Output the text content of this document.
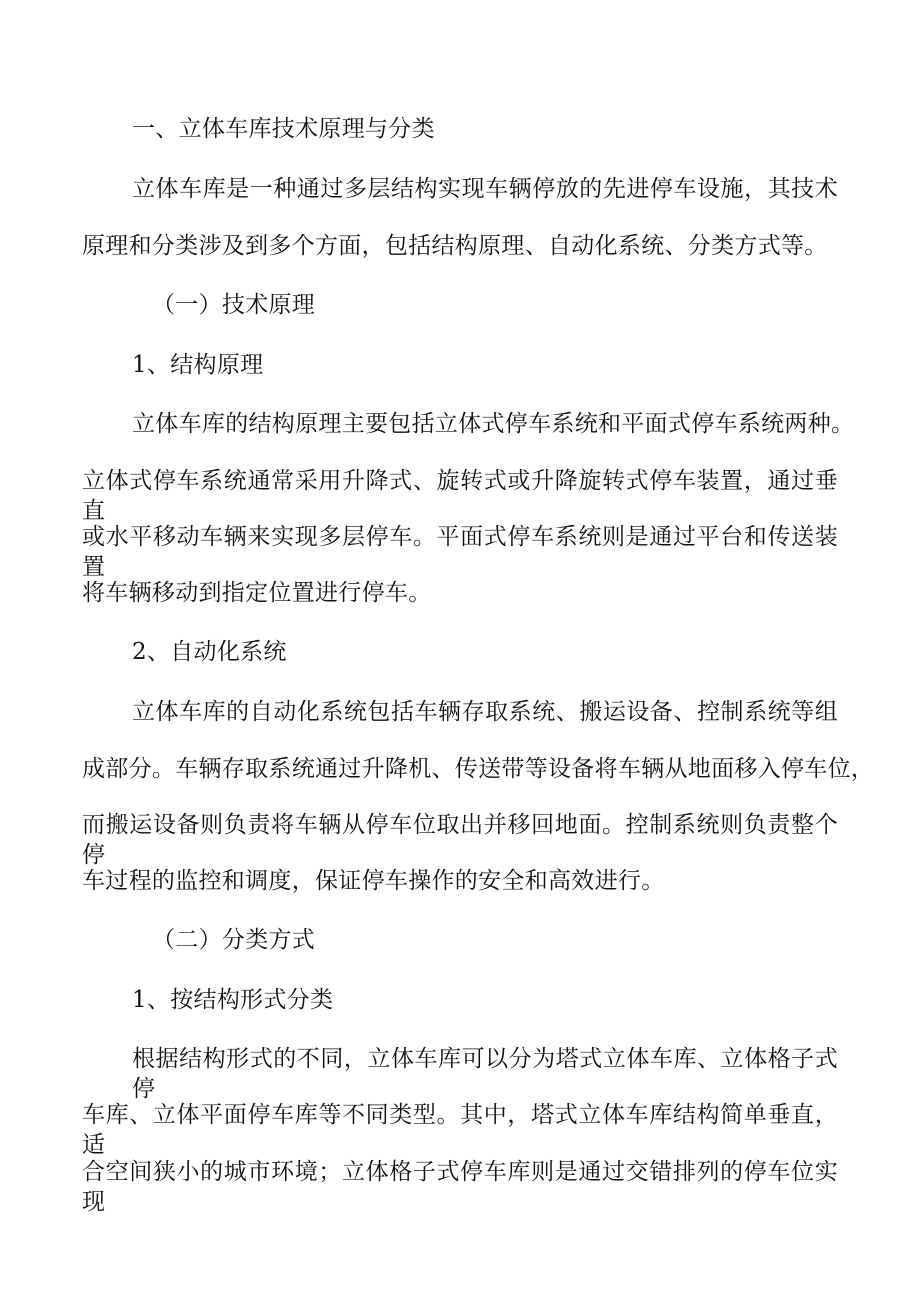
一、立体车库技术原理与分类
立体车库是一种通过多层结构实现车辆停放的先进停车设施，其技术
原理和分类涉及到多个方面，包括结构原理、自动化系统、分类方式等。
（一）技术原理
1、结构原理
立体车库的结构原理主要包括立体式停车系统和平面式停车系统两种。
立体式停车系统通常采用升降式、旋转式或升降旋转式停车装置，通过垂直
或水平移动车辆来实现多层停车。平面式停车系统则是通过平台和传送装置
将车辆移动到指定位置进行停车。
2、自动化系统
立体车库的自动化系统包括车辆存取系统、搬运设备、控制系统等组
成部分。车辆存取系统通过升降机、传送带等设备将车辆从地面移入停车位，
而搬运设备则负责将车辆从停车位取出并移回地面。控制系统则负责整个停
车过程的监控和调度，保证停车操作的安全和高效进行。
（二）分类方式
1、按结构形式分类
根据结构形式的不同，立体车库可以分为塔式立体车库、立体格子式停
车库、立体平面停车库等不同类型。其中，塔式立体车库结构简单垂直，适
合空间狭小的城市环境；立体格子式停车库则是通过交错排列的停车位实现
